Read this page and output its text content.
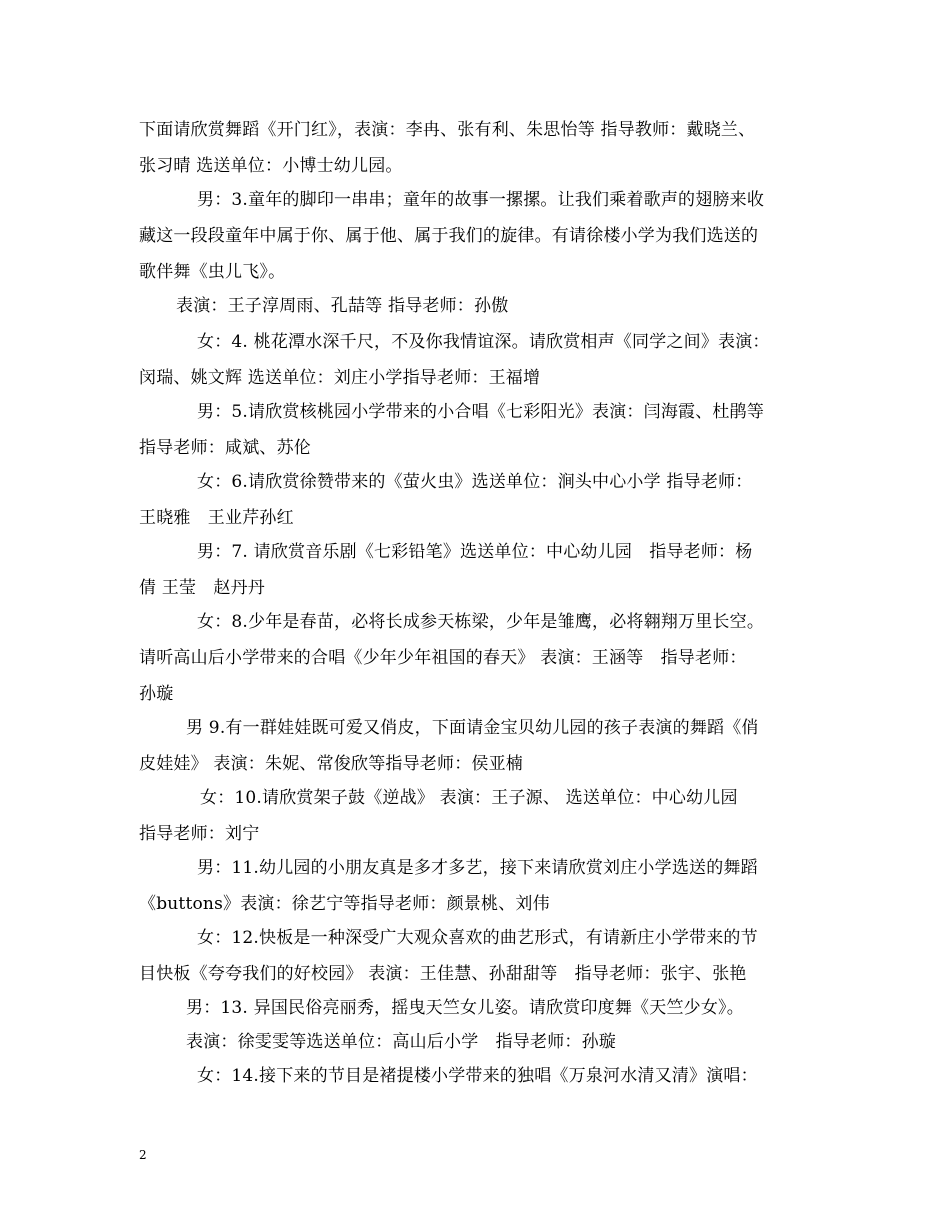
下面请欣赏舞蹈《开门红》，表演：李冉、张有利、朱思怡等 指导教师：戴晓兰、
张习晴 选送单位：小博士幼儿园。
男：3.童年的脚印一串串；童年的故事一摞摞。让我们乘着歌声的翅膀来收
藏这一段段童年中属于你、属于他、属于我们的旋律。有请徐楼小学为我们选送的
歌伴舞《虫儿飞》。
表演：王子淳周雨、孔喆等 指导老师：孙傲
女：4. 桃花潭水深千尺，不及你我情谊深。请欣赏相声《同学之间》表演：
闵瑞、姚文辉 选送单位：刘庄小学指导老师：王福增
男：5.请欣赏核桃园小学带来的小合唱《七彩阳光》表演：闫海霞、杜鹃等
指导老师：咸斌、苏伦
女：6.请欣赏徐赞带来的《萤火虫》选送单位：涧头中心小学 指导老师：
王晓雅　王业芹孙红
男：7. 请欣赏音乐剧《七彩铅笔》选送单位：中心幼儿园　指导老师：杨
倩 王莹　赵丹丹
女：8.少年是春苗，必将长成参天栋梁，少年是雏鹰，必将翱翔万里长空。
请听高山后小学带来的合唱《少年少年祖国的春天》 表演：王涵等　指导老师：
孙璇
男 9.有一群娃娃既可爱又俏皮，下面请金宝贝幼儿园的孩子表演的舞蹈《俏
皮娃娃》 表演：朱妮、常俊欣等指导老师：侯亚楠
女：10.请欣赏架子鼓《逆战》 表演：王子源、 选送单位：中心幼儿园
指导老师：刘宁
男：11.幼儿园的小朋友真是多才多艺，接下来请欣赏刘庄小学选送的舞蹈
《buttons》表演：徐艺宁等指导老师：颜景桃、刘伟
女：12.快板是一种深受广大观众喜欢的曲艺形式，有请新庄小学带来的节
目快板《夸夸我们的好校园》 表演：王佳慧、孙甜甜等　指导老师：张宇、张艳
男：13. 异国民俗亮丽秀，摇曳天竺女儿姿。请欣赏印度舞《天竺少女》。
表演：徐雯雯等选送单位：高山后小学　指导老师：孙璇
女：14.接下来的节目是褚提楼小学带来的独唱《万泉河水清又清》演唱：
2
